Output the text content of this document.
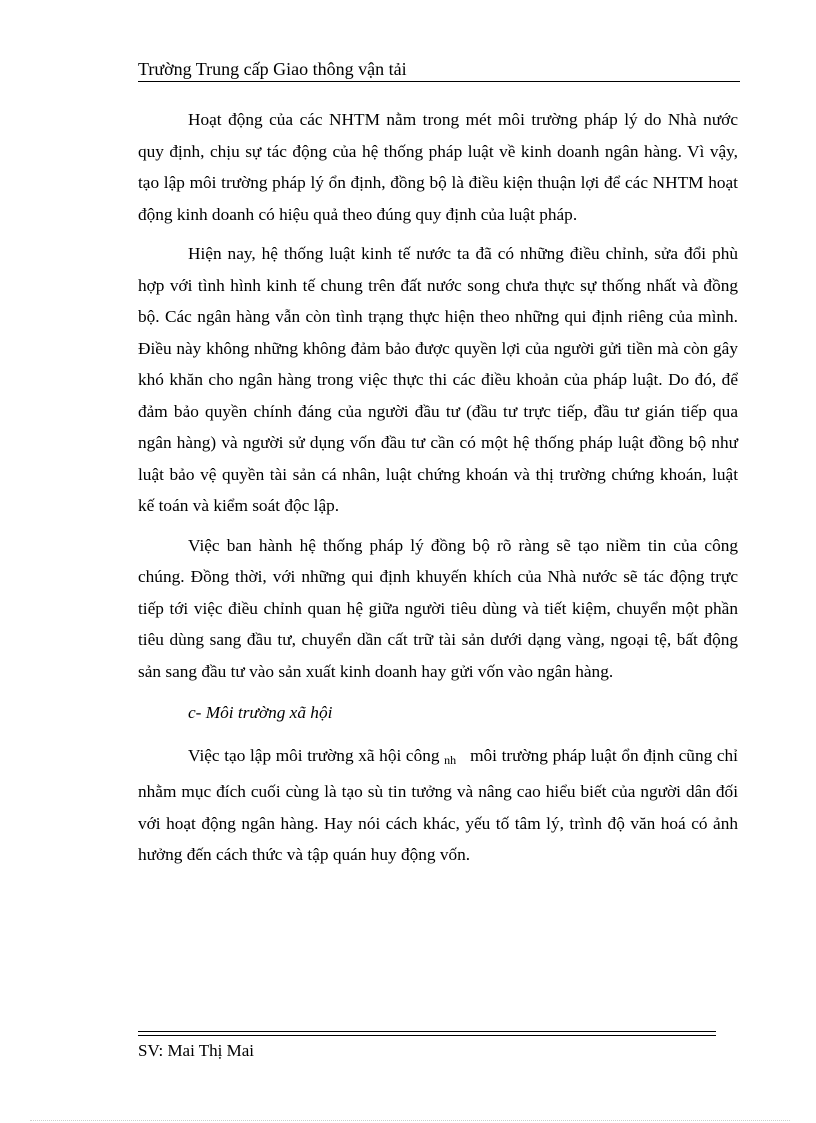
Trường Trung cấp Giao thông vận tải

Hoạt động của các NHTM nằm trong mét môi trường pháp lý do Nhà nước quy định, chịu sự tác động của hệ thống pháp luật về kinh doanh ngân hàng. Vì vậy, tạo lập môi trường pháp lý ổn định, đồng bộ là điều kiện thuận lợi để các NHTM hoạt động kinh doanh có hiệu quả theo đúng quy định của luật pháp.

Hiện nay, hệ thống luật kinh tế nước ta đã có những điều chỉnh, sửa đổi phù hợp với tình hình kinh tế chung trên đất nước song chưa thực sự thống nhất và đồng bộ. Các ngân hàng vẫn còn tình trạng thực hiện theo những qui định riêng của mình. Điều này không những không đảm bảo được quyền lợi của người gửi tiền mà còn gây khó khăn cho ngân hàng trong việc thực thi các điều khoản của pháp luật. Do đó, để đảm bảo quyền chính đáng của người đầu tư (đầu tư trực tiếp, đầu tư gián tiếp qua ngân hàng) và người sử dụng vốn đầu tư cần có một hệ thống pháp luật đồng bộ như luật bảo vệ quyền tài sản cá nhân, luật chứng khoán và thị trường chứng khoán, luật kế toán và kiểm soát độc lập.

Việc ban hành hệ thống pháp lý đồng bộ rõ ràng sẽ tạo niềm tin của công chúng. Đồng thời, với những qui định khuyến khích của Nhà nước sẽ tác động trực tiếp tới việc điều chỉnh quan hệ giữa người tiêu dùng và tiết kiệm, chuyển một phần tiêu dùng sang đầu tư, chuyển dần cất trữ tài sản dưới dạng vàng, ngoại tệ, bất động sản sang đầu tư vào sản xuất kinh doanh hay gửi vốn vào ngân hàng.

c- Môi trường xã hội

Việc tạo lập môi trường xã hội công nh môi trường pháp luật ổn định cũng chỉ nhằm mục đích cuối cùng là tạo sù tin tưởng và nâng cao hiểu biết của người dân đối với hoạt động ngân hàng. Hay nói cách khác, yếu tố tâm lý, trình độ văn hoá có ảnh hưởng đến cách thức và tập quán huy động vốn.

SV: Mai Thị Mai
